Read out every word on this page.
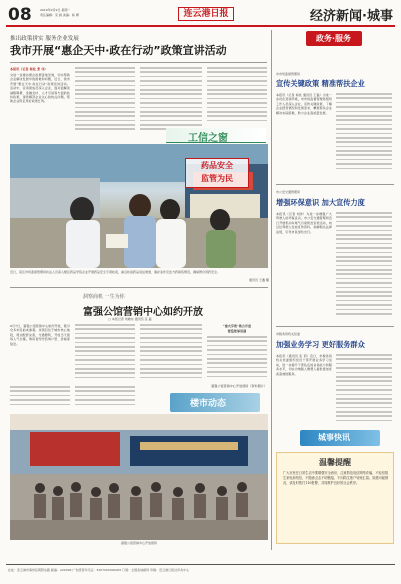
08	2019年9月9日 星期一
责任编辑：宋 娟 美编：杨 柳	连云港日报	经济新闻·城事
推出政策拼实 服务企业发展
我市开展“惠企天中·政在行动”政策宣讲活动
本报讯（记者 杨柱 张 伟）
为进一步推动惠企政策落地见效，切实帮助企业解决发展中的困难和问题，近日，我市开展“惠企天中·政在行动”政策宣讲活动。活动中，宣讲团成员深入企业，面对面解读减税降费、金融支持、人才引进等方面的扶持政策，现场解答企业关心的热点问题，帮助企业用足用好政策红利。
工信之窗
药品安全
监管为民
近日，某区市场监督管理局执法人员深入辖区药品零售企业开展药品安全专项检查，重点检查药品进货渠道、储存条件及处方药销售情况，确保群众用药安全。
通讯员 王鑫 摄
洞察商机 一生为你
富强公馆营销中心如约开放
□ 本报记者 刘晓东 通讯员 张 磊
9月7日，富强公馆营销中心如约开放，吸引众多市民前来参观。该项目位于城市核心地段，周边配套完善，交通便利，开放当天现场人气火爆，购房者纷纷咨询户型、价格等信息。
“南大学苑”助力开放
营造浓厚氛围
富强公馆营销中心开放现场（资料图片）
楼市动态
富强公馆营销中心开放现场
政务·服务
市市场监督管理局
宣传关键政策 精准帮扶企业
本报讯（记者 杨柱 通讯员 王磊）为进一步优化营商环境，市市场监督管理局组织工作人员深入企业，宣传关键政策，了解企业经营情况和发展需求，精准帮扶企业解决实际困难，助力企业高质量发展。
市公安交通管理局
增强环保意识 加大宣传力度
本报讯（记者 刘洋）为进一步增强广大驾驶人的环保意识，市公安交通管理局近日开展机动车尾气污染防治宣传活动，向过往驾驶人发放宣传资料，讲解相关法律法规，引导市民绿色出行。
市税务局机关党委
加强业务学习 更好服务群众
本报讯（通讯员 张 莉）近日，市税务局机关党委组织党员干部开展业务学习活动，进一步提升干部队伍的业务能力和服务水平，切实为纳税人缴费人提供更加优质高效的服务。
城事快讯
温馨提醒
广大市民在日常生活中要增强安全意识，注意防范电信网络诈骗，不轻信陌生来电和短信，不随意点击不明链接，不向陌生账户转账汇款。如遇可疑情况，请及时拨打110报警，共同维护良好的社会秩序。
社址：连云港市海州区朝阳东路 邮编：222006 广告经营许可证：3207004000005 订阅：全国各地邮局 印刷：连云港日报社印务中心
